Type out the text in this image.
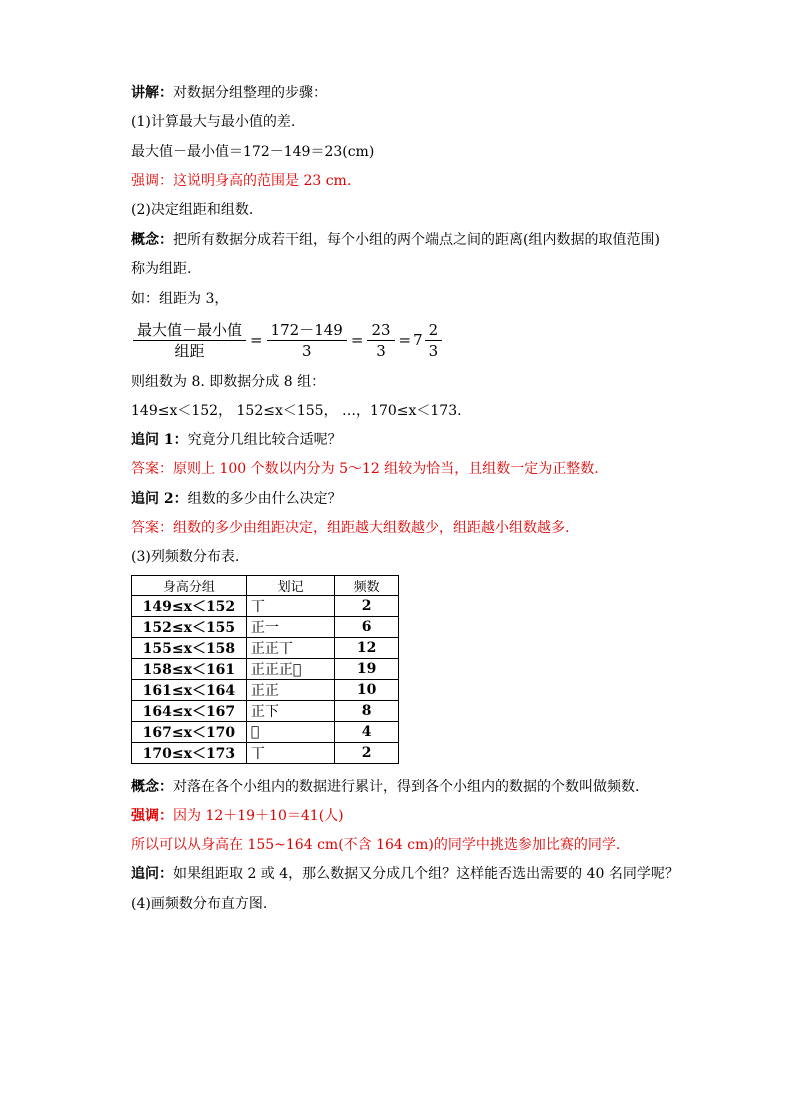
讲解：对数据分组整理的步骤：
(1)计算最大与最小值的差.
最大值－最小值＝172－149＝23(cm)
强调：这说明身高的范围是 23 cm.
(2)决定组距和组数.
概念：把所有数据分成若干组，每个小组的两个端点之间的距离(组内数据的取值范围)
称为组距.
如：组距为 3，
$\frac{\text{最大值－最小值}}{\text{组距}} = \frac{172-149}{3} = \frac{23}{3} = 7 \frac{2}{3}$
则组数为 8. 即数据分成 8 组：
149≤x＜152， 152≤x＜155， …，170≤x＜173.
追问 1：究竟分几组比较合适呢？
答案：原则上 100 个数以内分为 5～12 组较为恰当，且组数一定为正整数.
追问 2：组数的多少由什么决定？
答案：组数的多少由组距决定，组距越大组数越少，组距越小组数越多.
(3)列频数分布表.
身高分组	划记	频数
149≤x＜152	丅	2
152≤x＜155	正一	6
155≤x＜158	正正丅	12
158≤x＜161	正正正𬼀	19
161≤x＜164	正正	10
164≤x＜167	正下	8
167≤x＜170	𬼀	4
170≤x＜173	丅	2
概念：对落在各个小组内的数据进行累计，得到各个小组内的数据的个数叫做频数.
强调：因为 12＋19＋10＝41(人)
所以可以从身高在 155~164 cm(不含 164 cm)的同学中挑选参加比赛的同学.
追问：如果组距取 2 或 4，那么数据又分成几个组？这样能否选出需要的 40 名同学呢？
(4)画频数分布直方图.
